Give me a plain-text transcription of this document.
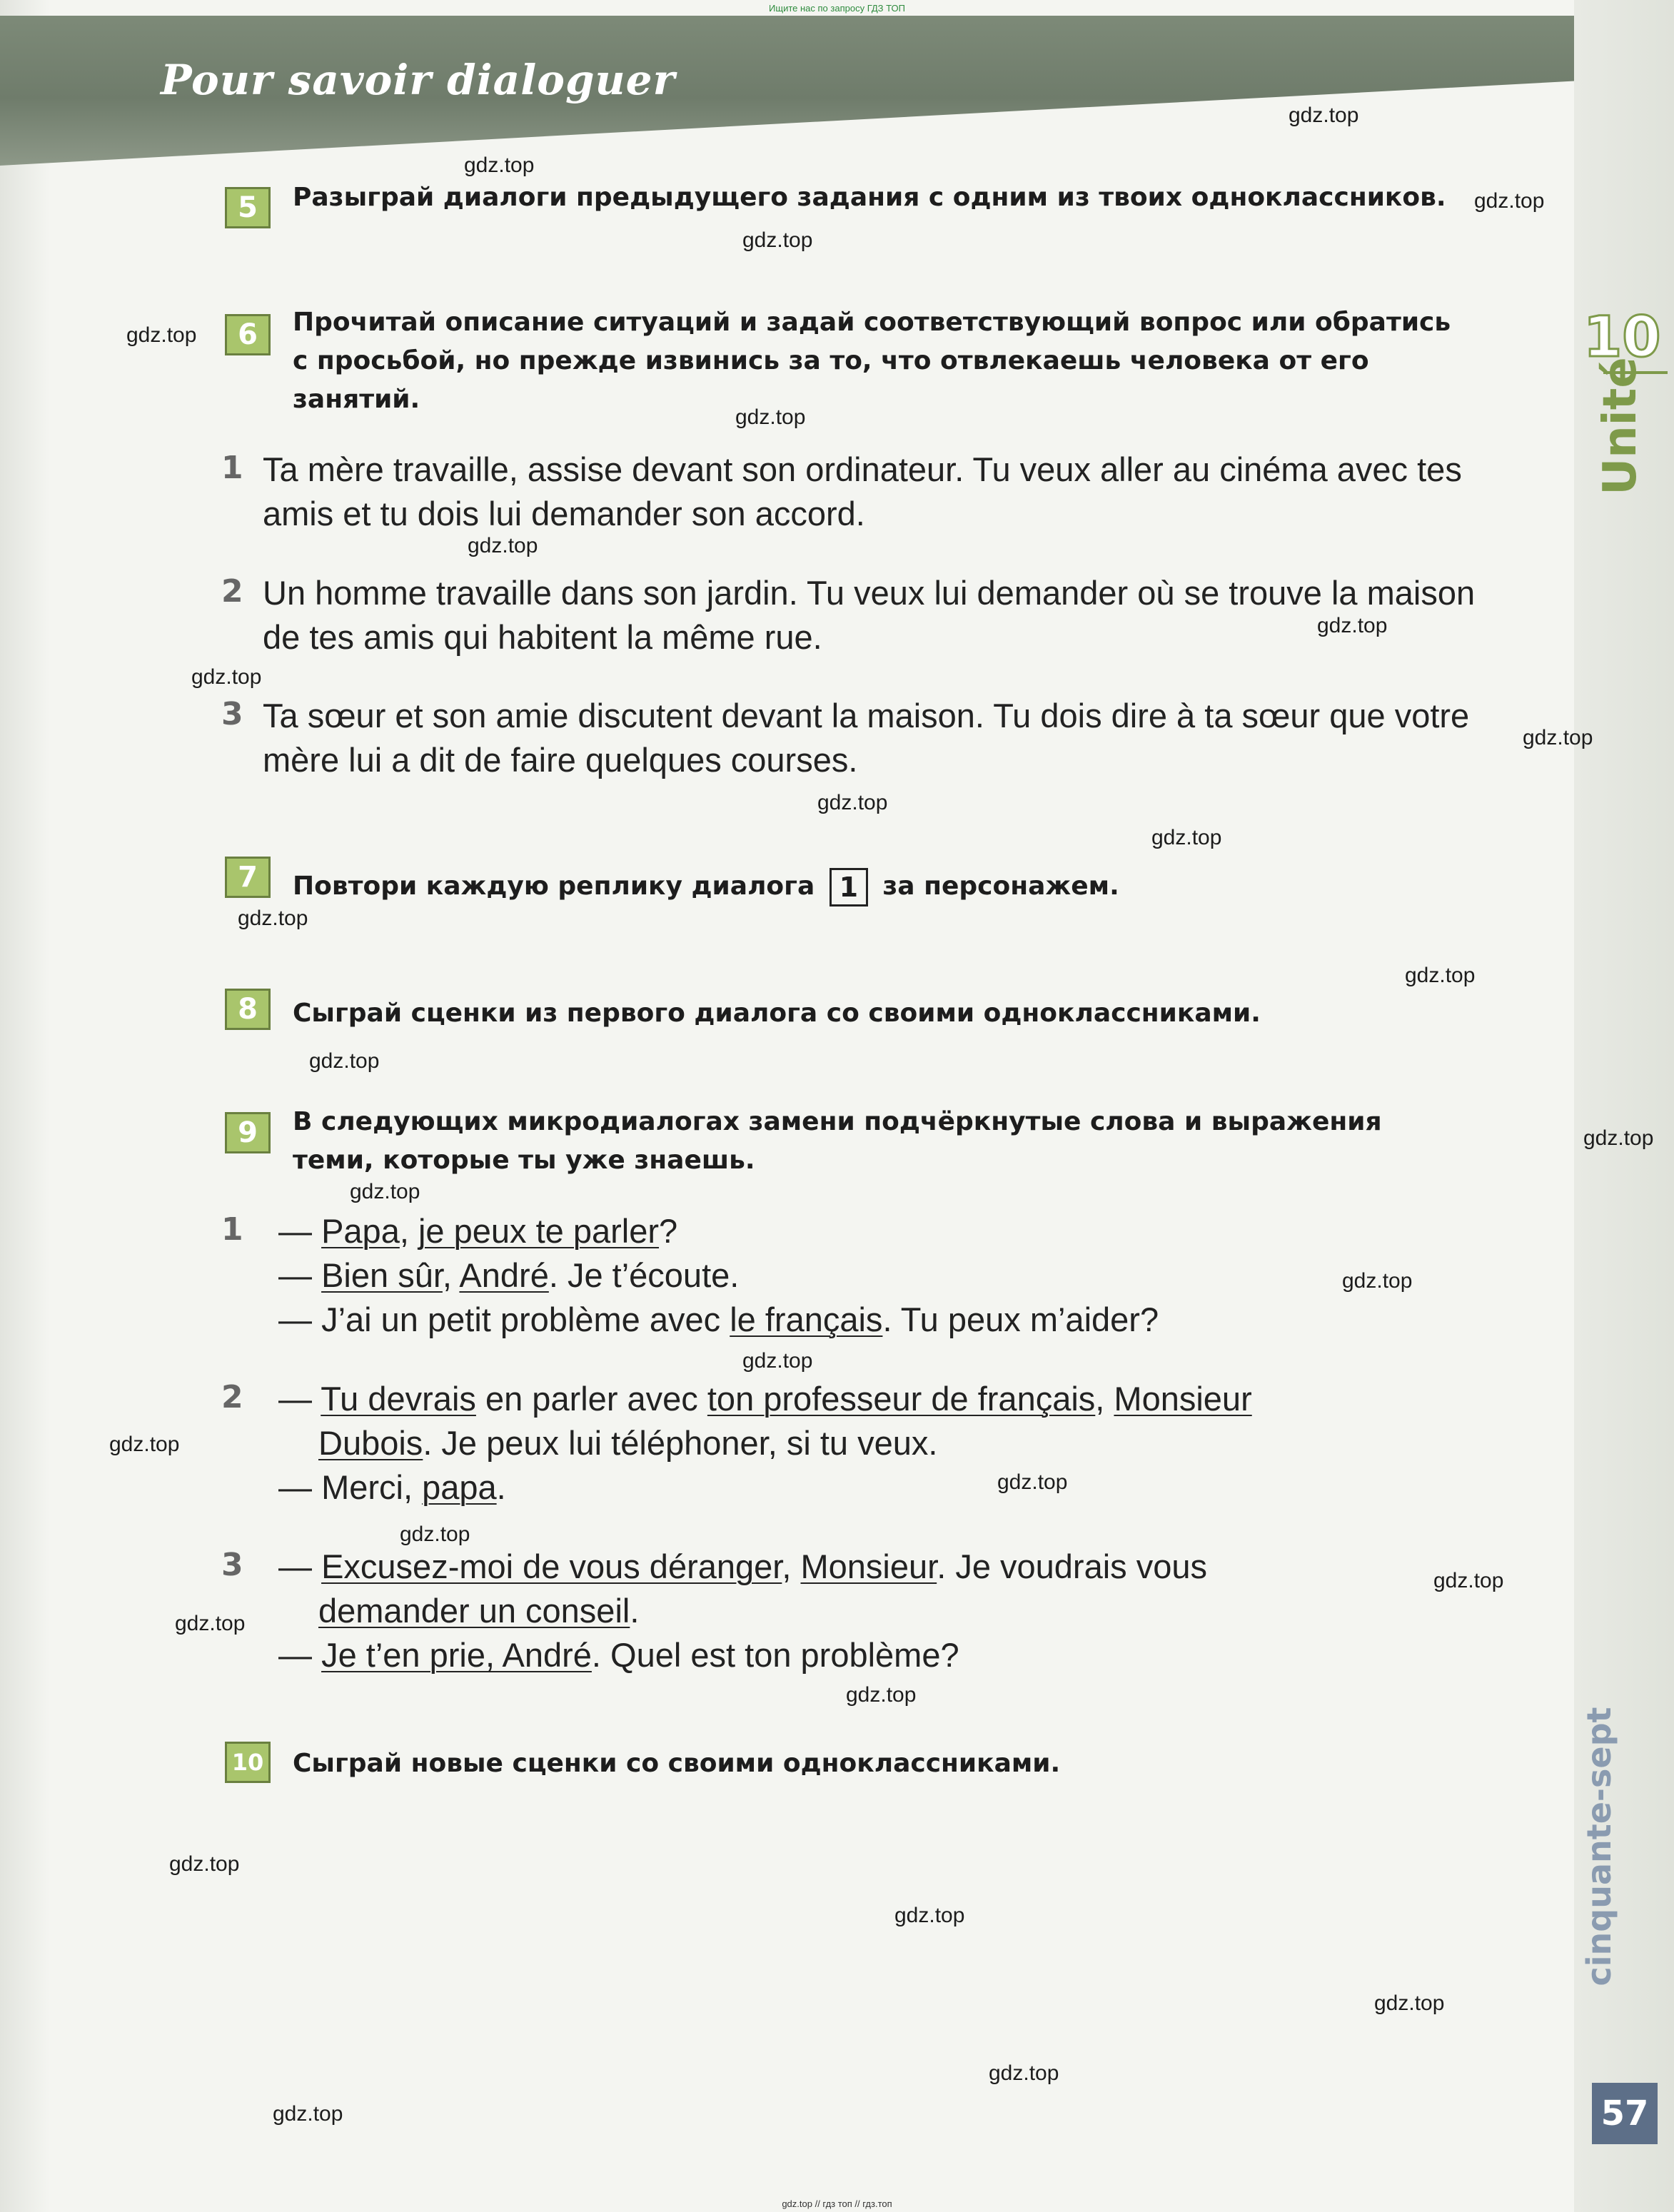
Ищите нас по запросу ГДЗ ТОП
Pour savoir dialoguer
10
Unité
cinquante-sept
57
5	Разыграй диалоги предыдущего задания с одним из твоих одноклассников.
6	Прочитай описание ситуаций и задай соответствующий вопрос или обратись с просьбой, но прежде извинись за то, что отвлекаешь человека от его занятий.
1 Ta mère travaille, assise devant son ordinateur. Tu veux aller au cinéma avec tes amis et tu dois lui demander son accord.
2 Un homme travaille dans son jardin. Tu veux lui demander où se trouve la maison de tes amis qui habitent la même rue.
3 Ta sœur et son amie discutent devant la maison. Tu dois dire à ta sœur que votre mère lui a dit de faire quelques courses.
7	Повтори каждую реплику диалога 1 за персонажем.
8	Сыграй сценки из первого диалога со своими одноклассниками.
9	В следующих микродиалогах замени подчёркнутые слова и выражения теми, которые ты уже знаешь.
1 — Papa, je peux te parler?
— Bien sûr, André. Je t’écoute.
— J’ai un petit problème avec le français. Tu peux m’aider?
2 — Tu devrais en parler avec ton professeur de français, Monsieur
Dubois. Je peux lui téléphoner, si tu veux.
— Merci, papa.
3 — Excusez-moi de vous déranger, Monsieur. Je voudrais vous
demander un conseil.
— Je t’en prie, André. Quel est ton problème?
10 Сыграй новые сценки со своими одноклассниками.
gdz.top
gdz.top
gdz.top
gdz.top
gdz.top
gdz.top
gdz.top
gdz.top
gdz.top
gdz.top
gdz.top
gdz.top
gdz.top
gdz.top
gdz.top
gdz.top
gdz.top
gdz.top
gdz.top
gdz.top
gdz.top
gdz.top
gdz.top
gdz.top
gdz.top
gdz.top
gdz.top
gdz.top
gdz.top
gdz.top
gdz.top // гдз топ // гдз.топ
